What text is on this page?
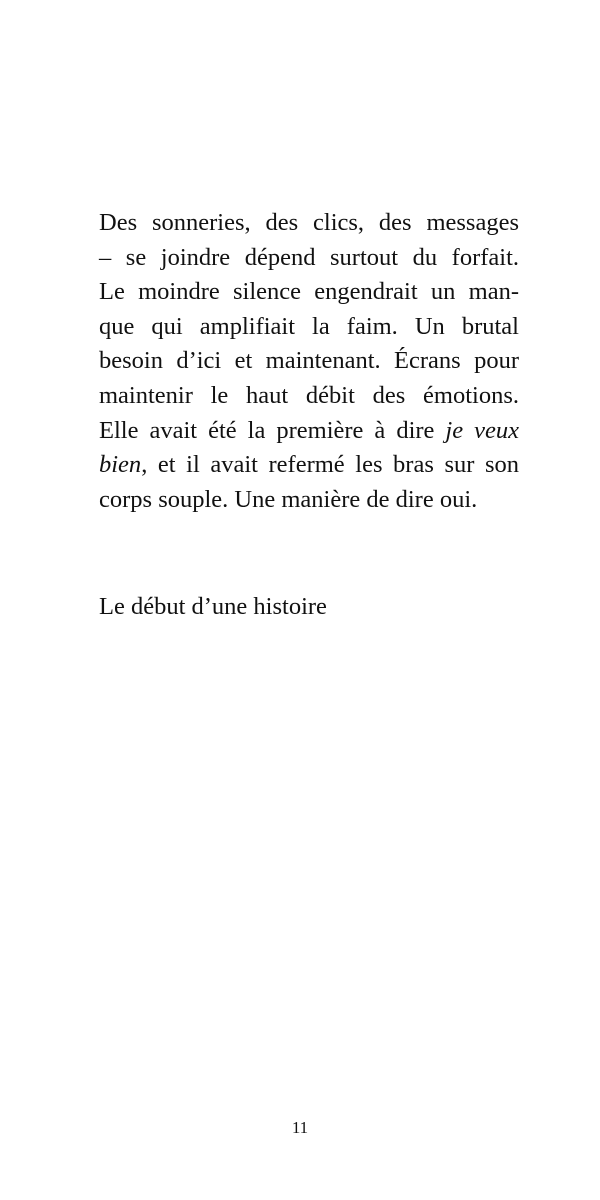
Des sonneries, des clics, des messages
– se joindre dépend surtout du forfait.
Le moindre silence engendrait un man-
que qui amplifiait la faim. Un brutal
besoin d’ici et maintenant. Écrans pour
maintenir le haut débit des émotions.
Elle avait été la première à dire je veux
bien, et il avait refermé les bras sur son
corps souple. Une manière de dire oui.
Le début d’une histoire
11
